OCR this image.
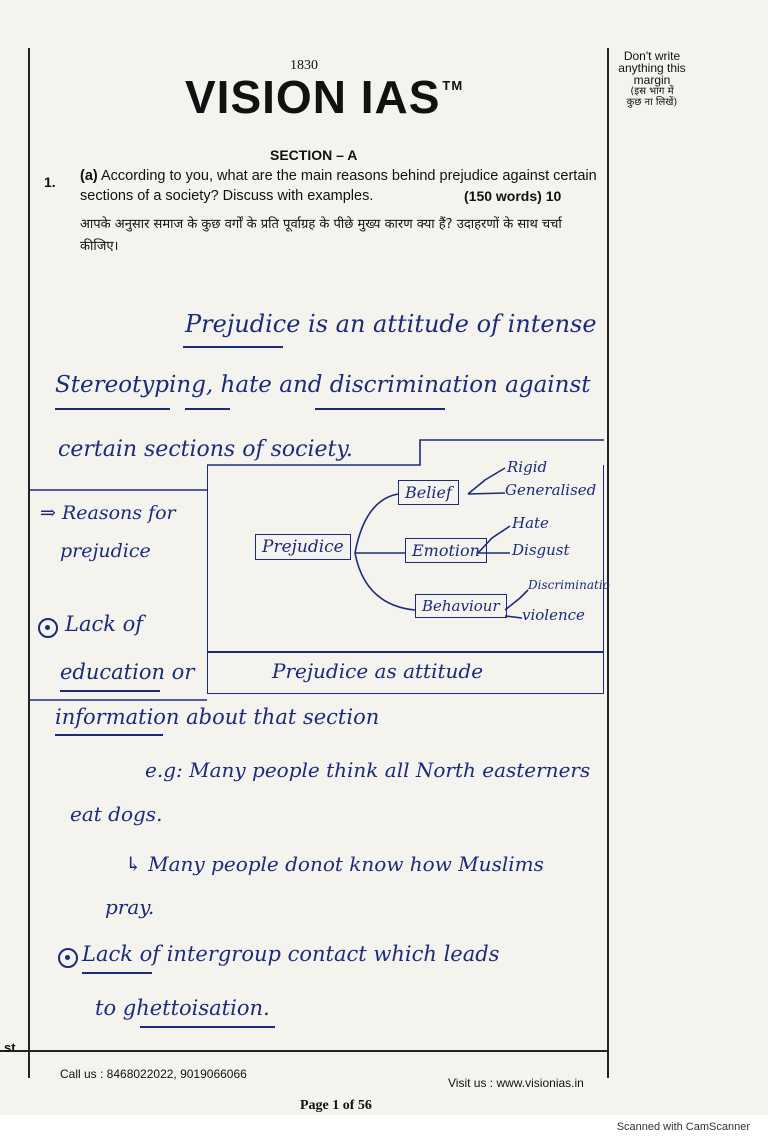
1830
VISION IAS ™
Don't write
anything this
margin
(इस भाग में
कुछ ना लिखें)
SECTION – A
1. (a) According to you, what are the main reasons behind prejudice against certain sections of a society? Discuss with examples.	(150 words) 10
आपके अनुसार समाज के कुछ वर्गों के प्रति पूर्वाग्रह के पीछे मुख्य कारण क्या हैं? उदाहरणों के साथ चर्चा कीजिए।
Prejudice is an attitude of intense
Stereotyping, hate and discrimination against
certain sections of society.
⇒ Reasons for
prejudice	Prejudice
Belief
Emotion
Behaviour
Rigid
Generalised
Hate
Disgust
Discriminatio
violence
Prejudice as attitude
Lack of
education or
information about that section
e.g: Many people think all North easterners
eat dogs.
↳ Many people donot know how Muslims
pray.
Lack of intergroup contact which leads
to ghettoisation.
Call us : 8468022022, 9019066066
Visit us : www.visionias.in
Page 1 of 56
st
Scanned with CamScanner
